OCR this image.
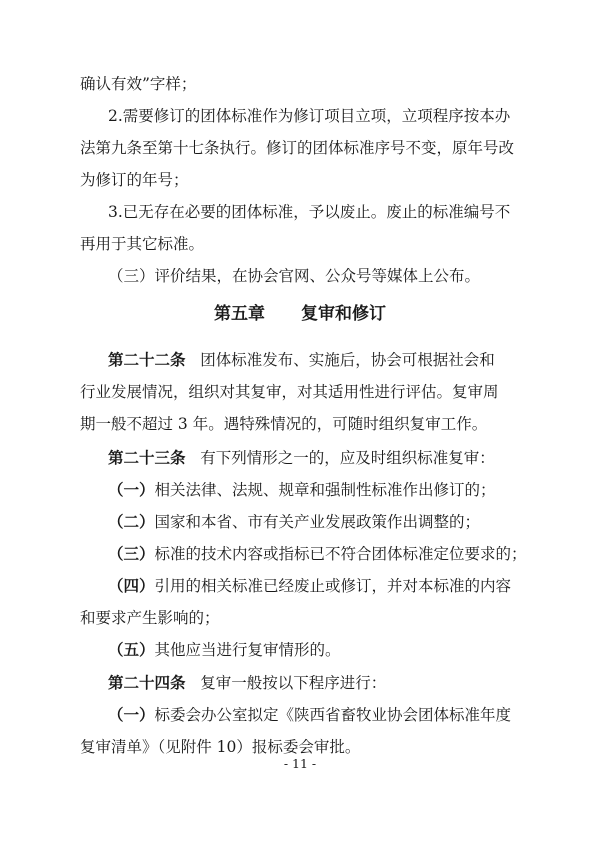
确认有效”字样；
2.需要修订的团体标准作为修订项目立项，立项程序按本办
法第九条至第十七条执行。修订的团体标准序号不变，原年号改
为修订的年号；
3.已无存在必要的团体标准，予以废止。废止的标准编号不
再用于其它标准。
（三）评价结果，在协会官网、公众号等媒体上公布。
第五章 复审和修订
第二十二条 团体标准发布、实施后，协会可根据社会和
行业发展情况，组织对其复审，对其适用性进行评估。复审周
期一般不超过 3 年。遇特殊情况的，可随时组织复审工作。
第二十三条 有下列情形之一的，应及时组织标准复审：
（一）相关法律、法规、规章和强制性标准作出修订的；
（二）国家和本省、市有关产业发展政策作出调整的；
（三）标准的技术内容或指标已不符合团体标准定位要求的；
（四）引用的相关标准已经废止或修订，并对本标准的内容
和要求产生影响的；
（五）其他应当进行复审情形的。
第二十四条 复审一般按以下程序进行：
（一）标委会办公室拟定《陕西省畜牧业协会团体标准年度
复审清单》（见附件 10）报标委会审批。
- 11 -
